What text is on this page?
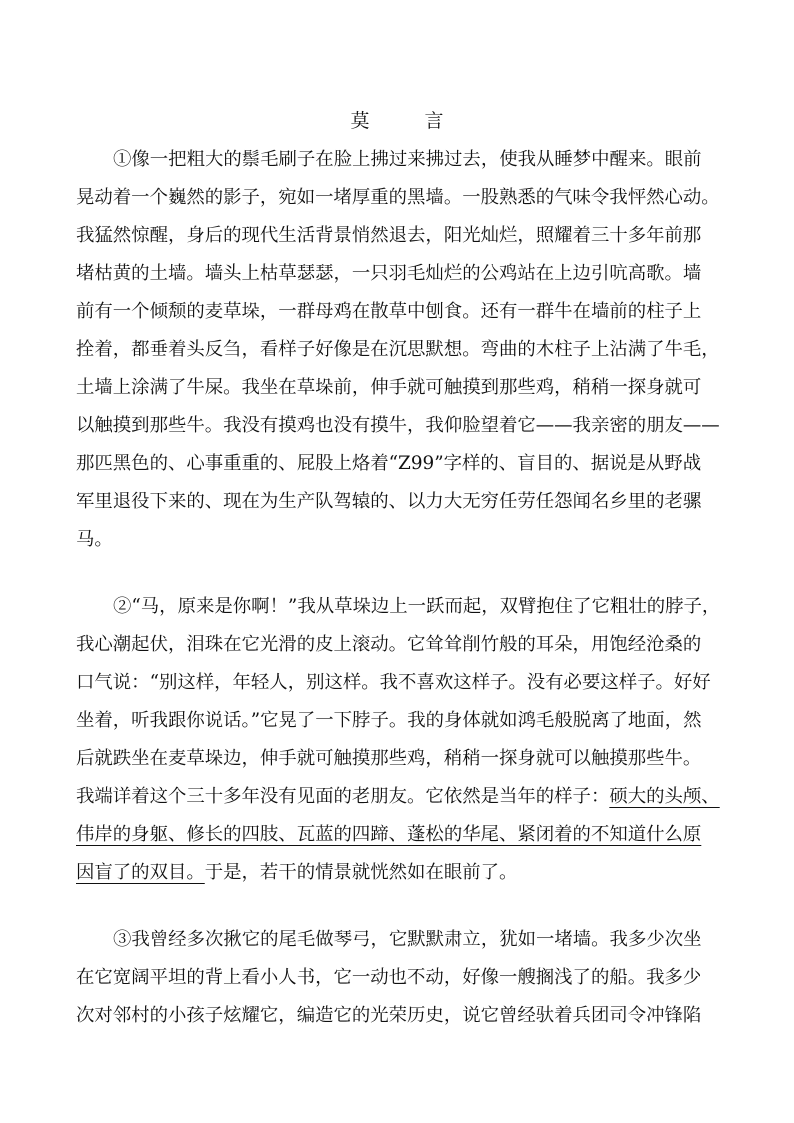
莫　言
①像一把粗大的鬃毛刷子在脸上拂过来拂过去，使我从睡梦中醒来。眼前
晃动着一个巍然的影子，宛如一堵厚重的黑墙。一股熟悉的气味令我怦然心动。
我猛然惊醒，身后的现代生活背景悄然退去，阳光灿烂，照耀着三十多年前那
堵枯黄的土墙。墙头上枯草瑟瑟，一只羽毛灿烂的公鸡站在上边引吭高歌。墙
前有一个倾颓的麦草垛，一群母鸡在散草中刨食。还有一群牛在墙前的柱子上
拴着，都垂着头反刍，看样子好像是在沉思默想。弯曲的木柱子上沾满了牛毛，
土墙上涂满了牛屎。我坐在草垛前，伸手就可触摸到那些鸡，稍稍一探身就可
以触摸到那些牛。我没有摸鸡也没有摸牛，我仰脸望着它——我亲密的朋友——
那匹黑色的、心事重重的、屁股上烙着“Z99”字样的、盲目的、据说是从野战
军里退役下来的、现在为生产队驾辕的、以力大无穷任劳任怨闻名乡里的老骡
马。
②“马，原来是你啊！”我从草垛边上一跃而起，双臂抱住了它粗壮的脖子，
我心潮起伏，泪珠在它光滑的皮上滚动。它耸耸削竹般的耳朵，用饱经沧桑的
口气说：“别这样，年轻人，别这样。我不喜欢这样子。没有必要这样子。好好
坐着，听我跟你说话。”它晃了一下脖子。我的身体就如鸿毛般脱离了地面，然
后就跌坐在麦草垛边，伸手就可触摸那些鸡，稍稍一探身就可以触摸那些牛。
我端详着这个三十多年没有见面的老朋友。它依然是当年的样子：硕大的头颅、
伟岸的身躯、修长的四肢、瓦蓝的四蹄、蓬松的华尾、紧闭着的不知道什么原
因盲了的双目。于是，若干的情景就恍然如在眼前了。
③我曾经多次揪它的尾毛做琴弓，它默默肃立，犹如一堵墙。我多少次坐
在它宽阔平坦的背上看小人书，它一动也不动，好像一艘搁浅了的船。我多少
次对邻村的小孩子炫耀它，编造它的光荣历史，说它曾经驮着兵团司令冲锋陷
